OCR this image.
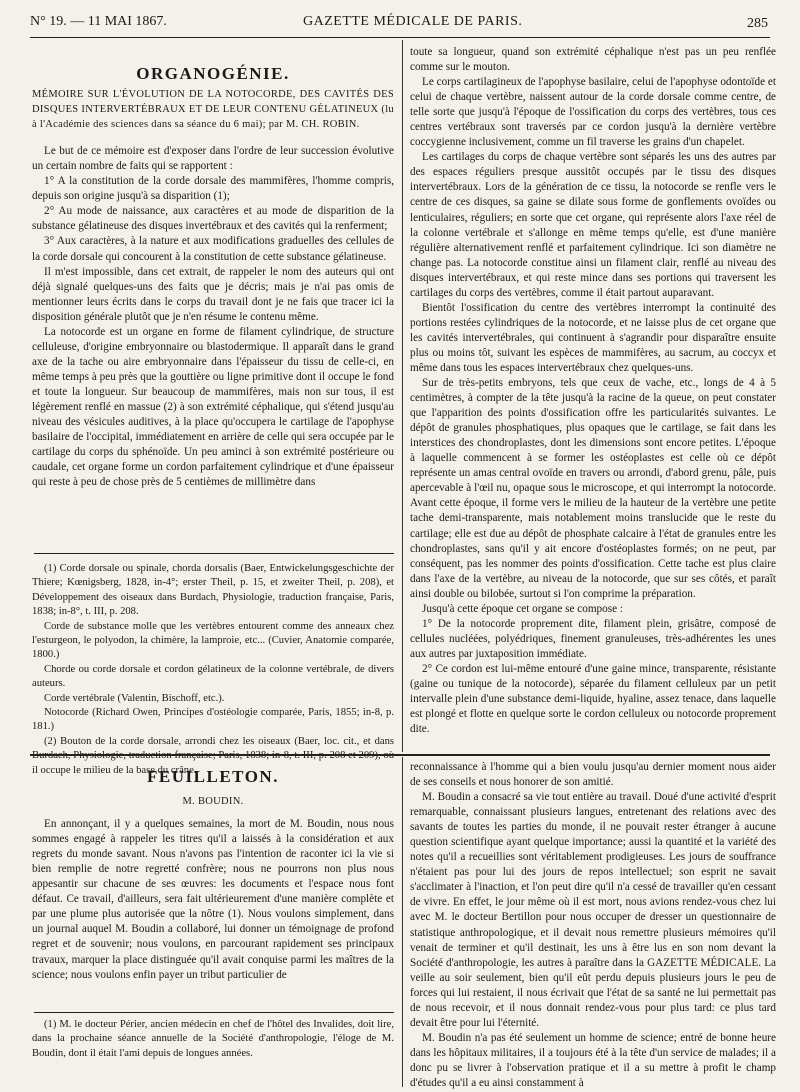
N° 19. — 11 MAI 1867.	GAZETTE MÉDICALE DE PARIS.	285
ORGANOGÉNIE.
MÉMOIRE SUR L'ÉVOLUTION DE LA NOTOCORDE, DES CAVITÉS DES DISQUES INTERVERTÉBRAUX ET DE LEUR CONTENU GÉLATINEUX (lu à l'Académie des sciences dans sa séance du 6 mai); par M. CH. ROBIN.

Le but de ce mémoire est d'exposer dans l'ordre de leur succession évolutive un certain nombre de faits qui se rapportent :

1° A la constitution de la corde dorsale des mammifères, l'homme compris, depuis son origine jusqu'à sa disparition (1);

2° Au mode de naissance, aux caractères et au mode de disparition de la substance gélatineuse des disques invertébraux et des cavités qui la renferment;

3° Aux caractères, à la nature et aux modifications graduelles des cellules de la corde dorsale qui concourent à la constitution de cette substance gélatineuse.

Il m'est impossible, dans cet extrait, de rappeler le nom des auteurs qui ont déjà signalé quelques-uns des faits que je décris; mais je n'ai pas omis de mentionner leurs écrits dans le corps du travail dont je ne fais que tracer ici la disposition générale plutôt que je n'en résume le contenu même.

La notocorde est un organe en forme de filament cylindrique, de structure celluleuse, d'origine embryonnaire ou blastodermique. Il apparaît dans le grand axe de la tache ou aire embryonnaire dans l'épaisseur du tissu de celle-ci, en même temps à peu près que la gouttière ou ligne primitive dont il occupe le fond et toute la longueur. Sur beaucoup de mammifères, mais non sur tous, il est légèrement renflé en massue (2) à son extrémité céphalique, qui s'étend jusqu'au niveau des vésicules auditives, à la place qu'occupera le cartilage de l'apophyse basilaire de l'occipital, immédiatement en arrière de celle qui sera occupée par le cartilage du corps du sphénoïde. Un peu aminci à son extrémité postérieure ou caudale, cet organe forme un cordon parfaitement cylindrique et d'une épaisseur qui reste à peu de chose près de 5 centièmes de millimètre dans

(1) Corde dorsale ou spinale, chorda dorsalis (Baer, Entwickelungsgeschichte der Thiere; Kœnigsberg, 1828, in-4°; erster Theil, p. 15, et zweiter Theil, p. 208), et Développement des oiseaux dans Burdach, Physiologie, traduction française, Paris, 1838; in-8°, t. III, p. 208.

Corde de substance molle que les vertèbres entourent comme des anneaux chez l'esturgeon, le polyodon, la chimère, la lamproie, etc... (Cuvier, Anatomie comparée, 1800.)

Chorde ou corde dorsale et cordon gélatineux de la colonne vertébrale, de divers auteurs.

Corde vertébrale (Valentin, Bischoff, etc.).

Notocorde (Richard Owen, Principes d'ostéologie comparée, Paris, 1855; in-8, p. 181.)

(2) Bouton de la corde dorsale, arrondi chez les oiseaux (Baer, loc. cit., et dans il occupe le milieu de la base du crâne.

toute sa longueur, quand son extrémité céphalique n'est pas un peu renflée comme sur le mouton.

Le corps cartilagineux de l'apophyse basilaire, celui de l'apophyse odontoïde et celui de chaque vertèbre, naissent autour de la corde dorsale comme centre, de telle sorte que jusqu'à l'époque de l'ossification du corps des vertèbres, tous ces centres vertébraux sont traversés par ce cordon jusqu'à la dernière vertèbre coccygienne inclusivement, comme un fil traverse les grains d'un chapelet.

Les cartilages du corps de chaque vertèbre sont séparés les uns des autres par des espaces réguliers presque aussitôt occupés par le tissu des disques intervertébraux. Lors de la génération de ce tissu, la notocorde se renfle vers le centre de ces disques, sa gaine se dilate sous forme de gonflements ovoïdes ou lenticulaires, réguliers; en sorte que cet organe, qui représente alors l'axe réel de la colonne vertébrale et s'allonge en même temps qu'elle, est d'une manière régulière alternativement renflé et parfaitement cylindrique. Ici son diamètre ne change pas. La notocorde constitue ainsi un filament clair, renflé au niveau des disques intervertébraux, et qui reste mince dans ses portions qui traversent les cartilages du corps des vertèbres, comme il était partout auparavant.

Bientôt l'ossification du centre des vertèbres interrompt la continuité des portions restées cylindriques de la notocorde, et ne laisse plus de cet organe que les cavités intervertébrales, qui continuent à s'agrandir pour disparaître ensuite plus ou moins tôt, suivant les espèces de mammifères, au sacrum, au coccyx et même dans tous les espaces intervertébraux chez quelques-uns.

Sur de très-petits embryons, tels que ceux de vache, etc., longs de 4 à 5 centimètres, à compter de la tête jusqu'à la racine de la queue, on peut constater que l'apparition des points d'ossification offre les particularités suivantes. Le dépôt de granules phosphatiques, plus opaques que le cartilage, se fait dans les interstices des chondroplastes, dont les dimensions sont encore petites. L'époque à laquelle commencent à se former les ostéoplastes est celle où ce dépôt représente un amas central ovoïde en travers ou arrondi, d'abord grenu, pâle, puis apercevable à l'œil nu, opaque sous le microscope, et qui interrompt la notocorde. Avant cette époque, il forme vers le milieu de la hauteur de la vertèbre une petite tache demi-transparente, mais notablement moins translucide que le reste du cartilage; elle est due au dépôt de phosphate calcaire à l'état de granules entre les chondroplastes, sans qu'il y ait encore d'ostéoplastes formés; on ne peut, par conséquent, pas les nommer des points d'ossification. Cette tache est plus claire dans l'axe de la vertèbre, au niveau de la notocorde, que sur ses côtés, et paraît ainsi double ou bilobée, surtout si l'on comprime la préparation.

Jusqu'à cette époque cet organe se compose :

1° De la notocorde proprement dite, filament plein, grisâtre, composé de cellules nucléées, polyédriques, finement granuleuses, très-adhérentes les unes aux autres par juxtaposition immédiate.

2° Ce cordon est lui-même entouré d'une gaine mince, transparente, résistante (gaine ou tunique de la notocorde), séparée du filament celluleux par un petit intervalle plein d'une substance demi-liquide, hyaline, assez tenace, dans laquelle est plongé et flotte en quelque sorte le cordon celluleux ou notocorde proprement dite.

FEUILLETON.
M. BOUDIN.

En annonçant, il y a quelques semaines, la mort de M. Boudin, nous nous sommes engagé à rappeler les titres qu'il a laissés à la considération et aux regrets du monde savant. Nous n'avons pas l'intention de raconter ici la vie si bien remplie de notre regretté confrère; nous ne pourrons non plus nous appesantir sur chacune de ses œuvres: les documents et l'espace nous font défaut. Ce travail, d'ailleurs, sera fait ultérieurement d'une manière complète et par une plume plus autorisée que la nôtre (1). Nous voulons simplement, dans un journal auquel M. Boudin a collaboré, lui donner un témoignage de profond regret et de souvenir; nous voulons, en parcourant rapidement ses principaux travaux, marquer la place distinguée qu'il avait conquise parmi les maîtres de la science; nous voulons enfin payer un tribut particulier de

(1) M. le docteur Périer, ancien médecin en chef de l'hôtel des Invalides, doit lire, dans la prochaine séance annuelle de la Société d'anthropologie, l'éloge de M. Boudin, dont il était l'ami depuis de longues années.

reconnaissance à l'homme qui a bien voulu jusqu'au dernier moment nous aider de ses conseils et nous honorer de son amitié.

M. Boudin a consacré sa vie tout entière au travail. Doué d'une activité d'esprit remarquable, connaissant plusieurs langues, entretenant des relations avec des savants de toutes les parties du monde, il ne pouvait rester étranger à aucune question scientifique ayant quelque importance; aussi la quantité et la variété des notes qu'il a recueillies sont véritablement prodigieuses. Les jours de souffrance n'étaient pas pour lui des jours de repos intellectuel; son esprit ne savait s'acclimater à l'inaction, et l'on peut dire qu'il n'a cessé de travailler qu'en cessant de vivre. En effet, le jour même où il est mort, nous avions rendez-vous chez lui avec M. le docteur Bertillon pour nous occuper de dresser un questionnaire de statistique anthropologique, et il devait nous remettre plusieurs mémoires qu'il venait de terminer et qu'il destinait, les uns à être lus en son nom devant la Société d'anthropologie, les autres à paraître dans la GAZETTE MÉDICALE. La veille au soir seulement, bien qu'il eût perdu depuis plusieurs jours le peu de forces qui lui restaient, il nous écrivait que l'état de sa santé ne lui permettait pas de nous recevoir, et il nous donnait rendez-vous pour plus tard: ce plus tard devait être pour lui l'éternité.

M. Boudin n'a pas été seulement un homme de science; entré de bonne heure dans les hôpitaux militaires, il a toujours été à la tête d'un service de malades; il a donc pu se livrer à l'observation pratique et il a su mettre à profit le champ d'études qu'il a eu ainsi constamment à
